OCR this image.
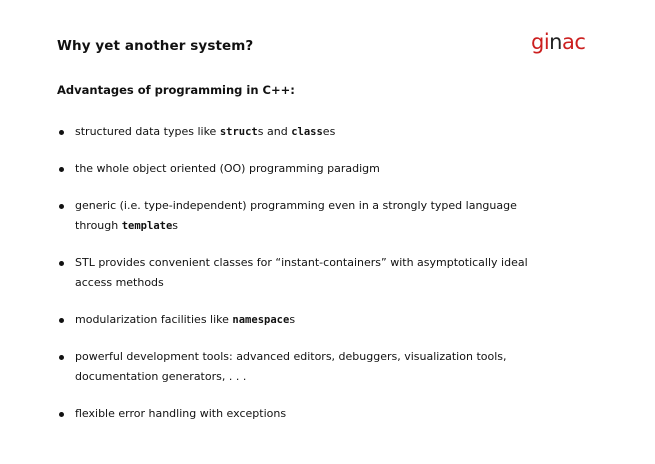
Why yet another system?	ginac
Advantages of programming in C++:
structured data types like structs and classes
the whole object oriented (OO) programming paradigm
generic (i.e. type-independent) programming even in a strongly typed language
through templates
STL provides convenient classes for “instant-containers” with asymptotically ideal
access methods
modularization facilities like namespaces
powerful development tools: advanced editors, debuggers, visualization tools,
documentation generators, . . .
flexible error handling with exceptions
